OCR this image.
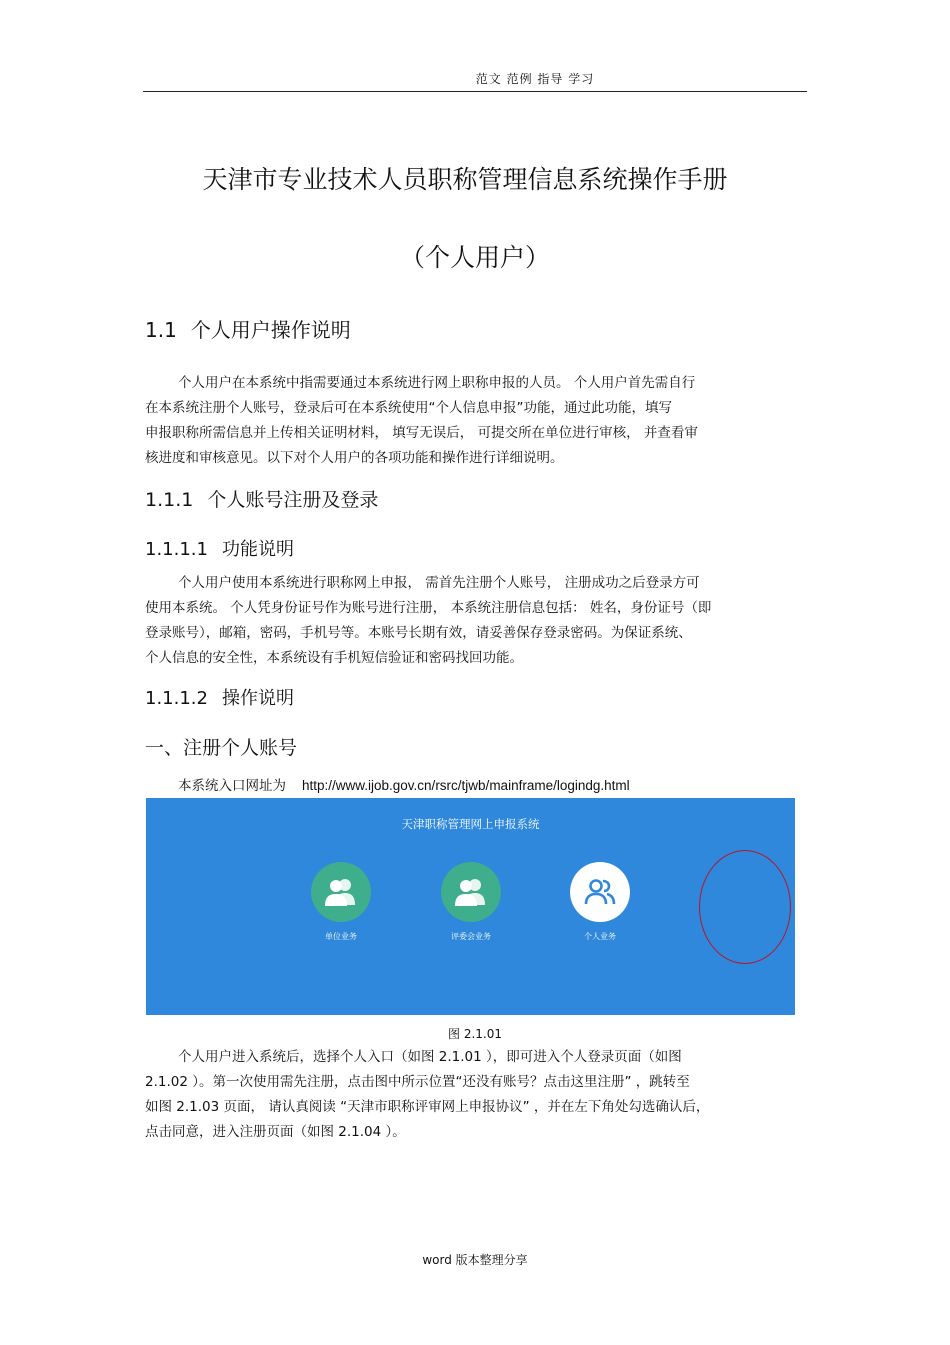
范文 范例 指导 学习
天津市专业技术人员职称管理信息系统操作手册
（个人用户）
1.1 个人用户操作说明

个人用户在本系统中指需要通过本系统进行网上职称申报的人员。 个人用户首先需自行

在本系统注册个人账号，登录后可在本系统使用“个人信息申报”功能，通过此功能，填写

申报职称所需信息并上传相关证明材料， 填写无误后， 可提交所在单位进行审核， 并查看审

核进度和审核意见。以下对个人用户的各项功能和操作进行详细说明。

1.1.1 个人账号注册及登录
1.1.1.1 功能说明

个人用户使用本系统进行职称网上申报， 需首先注册个人账号， 注册成功之后登录方可

使用本系统。 个人凭身份证号作为账号进行注册， 本系统注册信息包括： 姓名，身份证号（即

登录账号），邮箱，密码，手机号等。本账号长期有效，请妥善保存登录密码。为保证系统、

个人信息的安全性，本系统设有手机短信验证和密码找回功能。

1.1.1.2 操作说明
一、注册个人账号
本系统入口网址为 http://www.ijob.gov.cn/rsrc/tjwb/mainframe/logindg.html
天津职称管理网上申报系统
单位业务	评委会业务	个人业务
图 2.1.01

个人用户进入系统后，选择个人入口（如图 2.1.01 ），即可进入个人登录页面（如图

2.1.02 ）。第一次使用需先注册，点击图中所示位置“还没有账号？点击这里注册” ，跳转至

如图 2.1.03 页面， 请认真阅读 “天津市职称评审网上申报协议” ，并在左下角处勾选确认后，

点击同意，进入注册页面（如图 2.1.04 ）。

word 版本整理分享
